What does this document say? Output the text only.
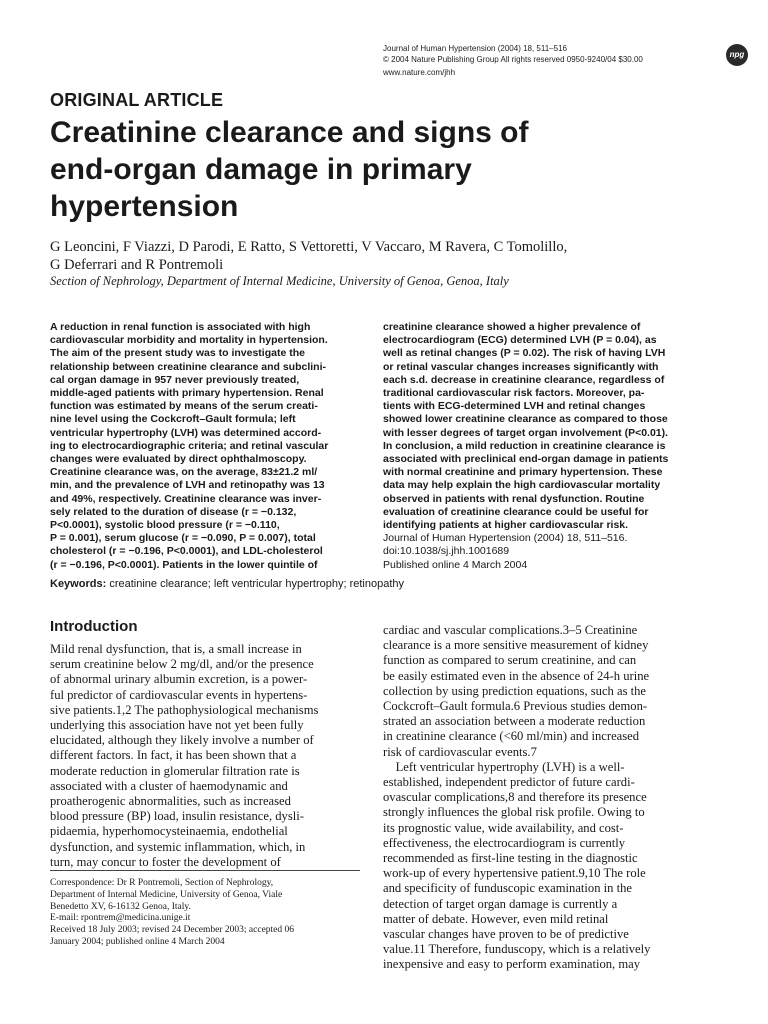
Journal of Human Hypertension (2004) 18, 511–516
© 2004 Nature Publishing Group All rights reserved 0950-9240/04 $30.00
www.nature.com/jhh
npg
ORIGINAL ARTICLE
Creatinine clearance and signs of
end-organ damage in primary
hypertension
G Leoncini, F Viazzi, D Parodi, E Ratto, S Vettoretti, V Vaccaro, M Ravera, C Tomolillo,
G Deferrari and R Pontremoli
Section of Nephrology, Department of Internal Medicine, University of Genoa, Genoa, Italy
A reduction in renal function is associated with high
cardiovascular morbidity and mortality in hypertension.
The aim of the present study was to investigate the
relationship between creatinine clearance and subclini-
cal organ damage in 957 never previously treated,
middle-aged patients with primary hypertension. Renal
function was estimated by means of the serum creati-
nine level using the Cockcroft–Gault formula; left
ventricular hypertrophy (LVH) was determined accord-
ing to electrocardiographic criteria; and retinal vascular
changes were evaluated by direct ophthalmoscopy.
Creatinine clearance was, on the average, 83±21.2 ml/
min, and the prevalence of LVH and retinopathy was 13
and 49%, respectively. Creatinine clearance was inver-
sely related to the duration of disease (r = −0.132,
P<0.0001), systolic blood pressure (r = −0.110,
P = 0.001), serum glucose (r = −0.090, P = 0.007), total
cholesterol (r = −0.196, P<0.0001), and LDL-cholesterol
(r = −0.196, P<0.0001). Patients in the lower quintile of
creatinine clearance showed a higher prevalence of
electrocardiogram (ECG) determined LVH (P = 0.04), as
well as retinal changes (P = 0.02). The risk of having LVH
or retinal vascular changes increases significantly with
each s.d. decrease in creatinine clearance, regardless of
traditional cardiovascular risk factors. Moreover, pa-
tients with ECG-determined LVH and retinal changes
showed lower creatinine clearance as compared to those
with lesser degrees of target organ involvement (P<0.01).
In conclusion, a mild reduction in creatinine clearance is
associated with preclinical end-organ damage in patients
with normal creatinine and primary hypertension. These
data may help explain the high cardiovascular mortality
observed in patients with renal dysfunction. Routine
evaluation of creatinine clearance could be useful for
identifying patients at higher cardiovascular risk.
Journal of Human Hypertension (2004) 18, 511–516.
doi:10.1038/sj.jhh.1001689
Published online 4 March 2004
Keywords: creatinine clearance; left ventricular hypertrophy; retinopathy
Introduction
Mild renal dysfunction, that is, a small increase in
serum creatinine below 2 mg/dl, and/or the presence
of abnormal urinary albumin excretion, is a power-
ful predictor of cardiovascular events in hypertens-
sive patients.1,2 The pathophysiological mechanisms
underlying this association have not yet been fully
elucidated, although they likely involve a number of
different factors. In fact, it has been shown that a
moderate reduction in glomerular filtration rate is
associated with a cluster of haemodynamic and
proatherogenic abnormalities, such as increased
blood pressure (BP) load, insulin resistance, dysli-
pidaemia, hyperhomocysteinaemia, endothelial
dysfunction, and systemic inflammation, which, in
turn, may concur to foster the development of
Correspondence: Dr R Pontremoli, Section of Nephrology,
Department of Internal Medicine, University of Genoa, Viale
Benedetto XV, 6-16132 Genoa, Italy.
E-mail: rpontrem@medicina.unige.it
Received 18 July 2003; revised 24 December 2003; accepted 06
January 2004; published online 4 March 2004
cardiac and vascular complications.3–5 Creatinine
clearance is a more sensitive measurement of kidney
function as compared to serum creatinine, and can
be easily estimated even in the absence of 24-h urine
collection by using prediction equations, such as the
Cockcroft–Gault formula.6 Previous studies demon-
strated an association between a moderate reduction
in creatinine clearance (<60 ml/min) and increased
risk of cardiovascular events.7
Left ventricular hypertrophy (LVH) is a well-
established, independent predictor of future cardi-
ovascular complications,8 and therefore its presence
strongly influences the global risk profile. Owing to
its prognostic value, wide availability, and cost-
effectiveness, the electrocardiogram is currently
recommended as first-line testing in the diagnostic
work-up of every hypertensive patient.9,10 The role
and specificity of funduscopic examination in the
detection of target organ damage is currently a
matter of debate. However, even mild retinal
vascular changes have proven to be of predictive
value.11 Therefore, funduscopy, which is a relatively
inexpensive and easy to perform examination, may
